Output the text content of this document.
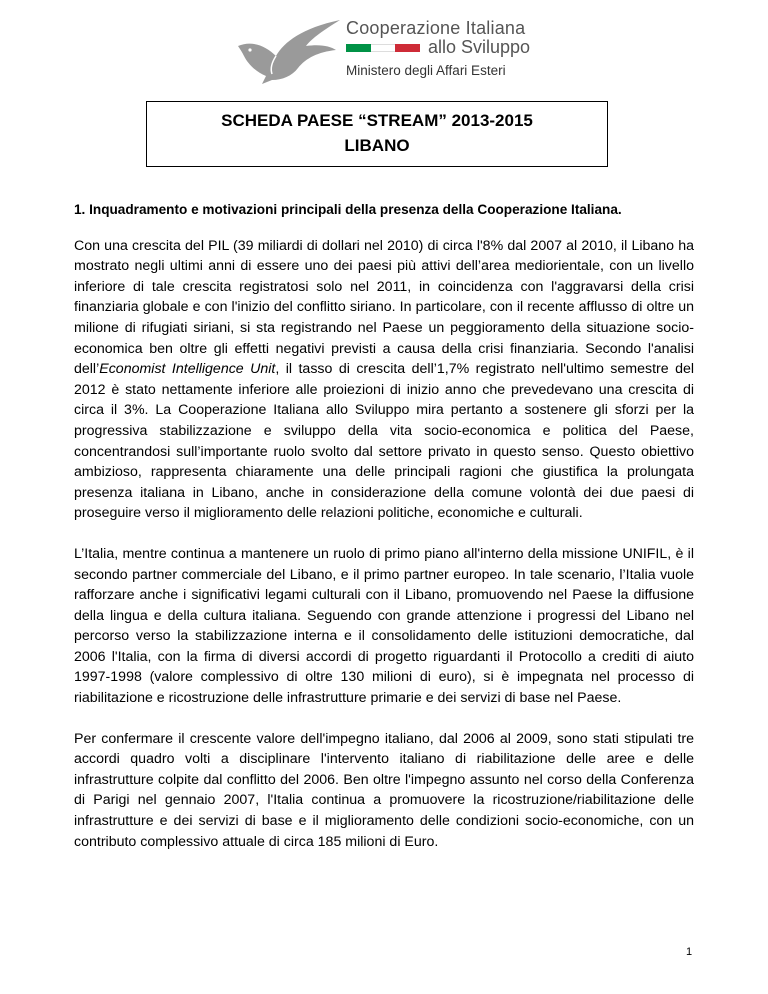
Cooperazione Italiana
allo Sviluppo
Ministero degli Affari Esteri
SCHEDA PAESE “STREAM” 2013-2015
LIBANO
1. Inquadramento e motivazioni principali della presenza della Cooperazione Italiana.

Con una crescita del PIL (39 miliardi di dollari nel 2010) di circa l'8% dal 2007 al 2010, il Libano ha mostrato negli ultimi anni di essere uno dei paesi più attivi dell’area mediorientale, con un livello inferiore di tale crescita registratosi solo nel 2011, in coincidenza con l'aggravarsi della crisi finanziaria globale e con l'inizio del conflitto siriano. In particolare, con il recente afflusso di oltre un milione di rifugiati siriani, si sta registrando nel Paese un peggioramento della situazione socio-economica ben oltre gli effetti negativi previsti a causa della crisi finanziaria. Secondo l'analisi dell’Economist Intelligence Unit, il tasso di crescita dell’1,7% registrato nell'ultimo semestre del 2012 è stato nettamente inferiore alle proiezioni di inizio anno che prevedevano una crescita di circa il 3%. La Cooperazione Italiana allo Sviluppo mira pertanto a sostenere gli sforzi per la progressiva stabilizzazione e sviluppo della vita socio-economica e politica del Paese, concentrandosi sull’importante ruolo svolto dal settore privato in questo senso. Questo obiettivo ambizioso, rappresenta chiaramente una delle principali ragioni che giustifica la prolungata presenza italiana in Libano, anche in considerazione della comune volontà dei due paesi di proseguire verso il miglioramento delle relazioni politiche, economiche e culturali.

L’Italia, mentre continua a mantenere un ruolo di primo piano all'interno della missione UNIFIL, è il secondo partner commerciale del Libano, e il primo partner europeo. In tale scenario, l’Italia vuole rafforzare anche i significativi legami culturali con il Libano, promuovendo nel Paese la diffusione della lingua e della cultura italiana. Seguendo con grande attenzione i progressi del Libano nel percorso verso la stabilizzazione interna e il consolidamento delle istituzioni democratiche, dal 2006 l'Italia, con la firma di diversi accordi di progetto riguardanti il Protocollo a crediti di aiuto 1997-1998 (valore complessivo di oltre 130 milioni di euro), si è impegnata nel processo di riabilitazione e ricostruzione delle infrastrutture primarie e dei servizi di base nel Paese.

Per confermare il crescente valore dell'impegno italiano, dal 2006 al 2009, sono stati stipulati tre accordi quadro volti a disciplinare l'intervento italiano di riabilitazione delle aree e delle infrastrutture colpite dal conflitto del 2006. Ben oltre l'impegno assunto nel corso della Conferenza di Parigi nel gennaio 2007, l'Italia continua a promuovere la ricostruzione/riabilitazione delle infrastrutture e dei servizi di base e il miglioramento delle condizioni socio-economiche, con un contributo complessivo attuale di circa 185 milioni di Euro.

1
